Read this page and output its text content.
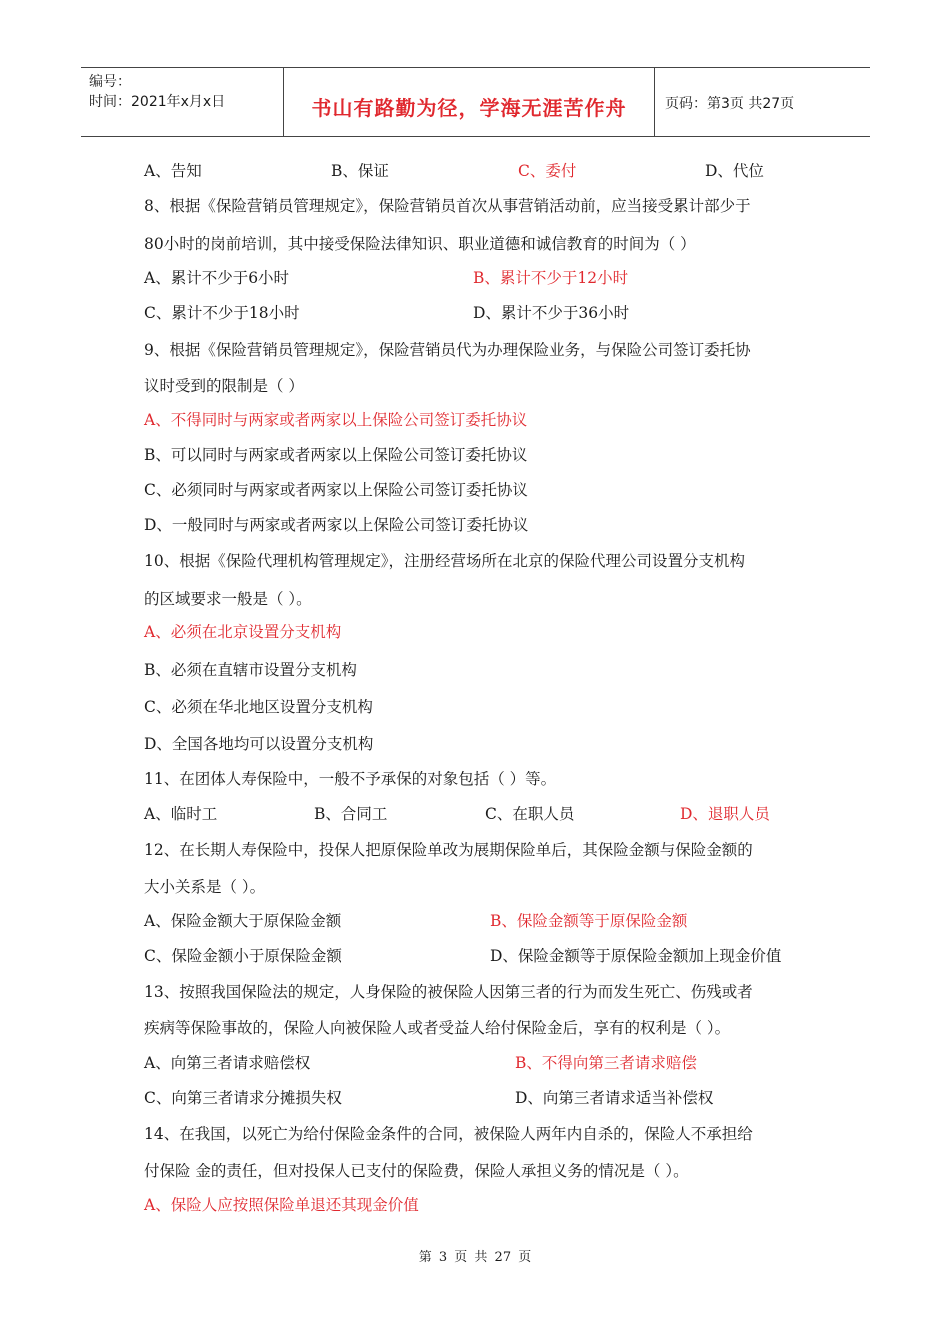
编号：
时间：2021年x月x日	书山有路勤为径，学海无涯苦作舟	页码：第3页 共27页
A、告知	B、保证	C、委付	D、代位
8、根据《保险营销员管理规定》，保险营销员首次从事营销活动前，应当接受累计部少于
80小时的岗前培训，其中接受保险法律知识、职业道德和诚信教育的时间为（ ）
A、累计不少于6小时	B、累计不少于12小时
C、累计不少于18小时	D、累计不少于36小时
9、根据《保险营销员管理规定》，保险营销员代为办理保险业务，与保险公司签订委托协
议时受到的限制是（ ）
A、不得同时与两家或者两家以上保险公司签订委托协议
B、可以同时与两家或者两家以上保险公司签订委托协议
C、必须同时与两家或者两家以上保险公司签订委托协议
D、一般同时与两家或者两家以上保险公司签订委托协议
10、根据《保险代理机构管理规定》，注册经营场所在北京的保险代理公司设置分支机构
的区域要求一般是（ ）。
A、必须在北京设置分支机构
B、必须在直辖市设置分支机构
C、必须在华北地区设置分支机构
D、全国各地均可以设置分支机构
11、在团体人寿保险中，一般不予承保的对象包括（ ）等。
A、临时工	B、合同工	C、在职人员	D、退职人员
12、在长期人寿保险中，投保人把原保险单改为展期保险单后，其保险金额与保险金额的
大小关系是（ ）。
A、保险金额大于原保险金额	B、保险金额等于原保险金额
C、保险金额小于原保险金额	D、保险金额等于原保险金额加上现金价值
13、按照我国保险法的规定，人身保险的被保险人因第三者的行为而发生死亡、伤残或者
疾病等保险事故的，保险人向被保险人或者受益人给付保险金后，享有的权利是（ ）。
A、向第三者请求赔偿权	B、不得向第三者请求赔偿
C、向第三者请求分摊损失权	D、向第三者请求适当补偿权
14、在我国，以死亡为给付保险金条件的合同，被保险人两年内自杀的，保险人不承担给
付保险 金的责任，但对投保人已支付的保险费，保险人承担义务的情况是（ ）。
A、保险人应按照保险单退还其现金价值
第 3 页 共 27 页
